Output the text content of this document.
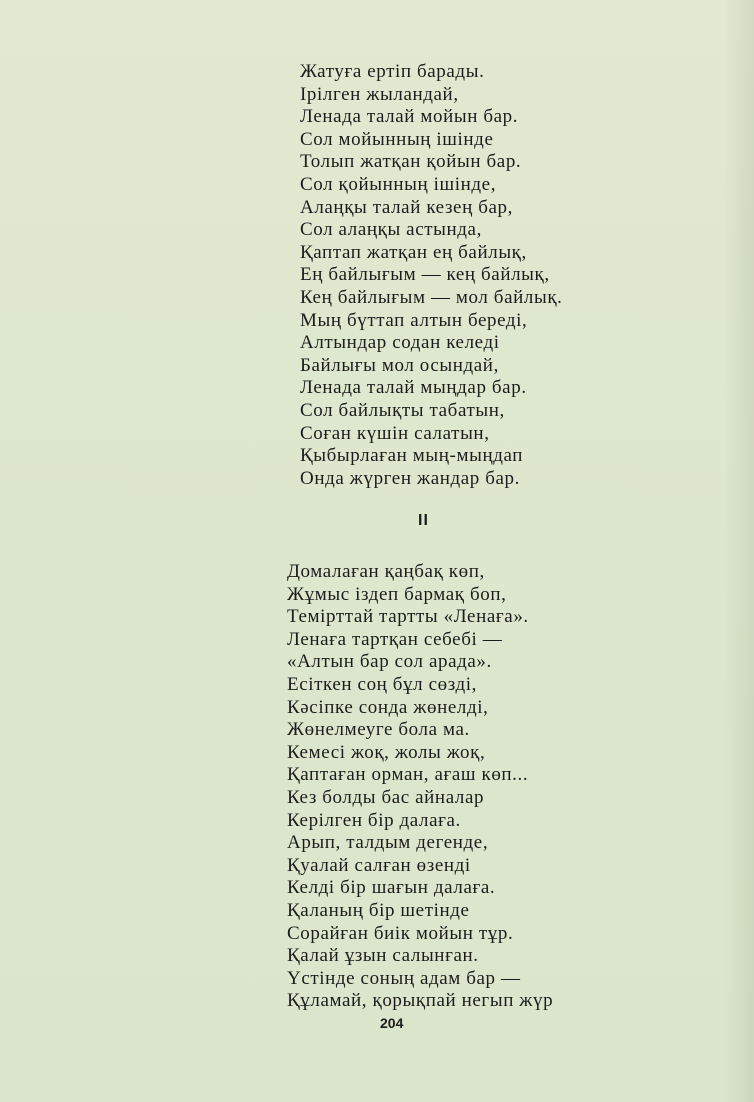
Жатуға ертіп барады.
Ірілген жыландай,
Ленада талай мойын бар.
Сол мойынның ішінде
Толып жатқан қойын бар.
Сол қойынның ішінде,
Алаңқы талай кезең бар,
Сол алаңқы астында,
Қаптап жатқан ең байлық,
Ең байлығым — кең байлық,
Кең байлығым — мол байлық.
Мың бүттап алтын береді,
Алтындар содан келеді
Байлығы мол осындай,
Ленада талай мыңдар бар.
Сол байлықты табатын,
Соған күшін салатын,
Қыбырлаған мың-мыңдап
Онда жүрген жандар бар.
II
Домалаған қаңбақ көп,
Жұмыс іздеп бармақ боп,
Темірттай тартты «Ленаға».
Ленаға тартқан себебі —
«Алтын бар сол арада».
Есіткен соң бұл сөзді,
Кәсіпке сонда жөнелді,
Жөнелмеуге бола ма.
Кемесі жоқ, жолы жоқ,
Қаптаған орман, ағаш көп...
Кез болды бас айналар
Керілген бір далаға.
Арып, талдым дегенде,
Қуалай салған өзенді
Келді бір шағын далаға.
Қаланың бір шетінде
Сорайған биік мойын тұр.
Қалай ұзын салынған.
Үстінде соның адам бар —
Құламай, қорықпай негып жүр
204
